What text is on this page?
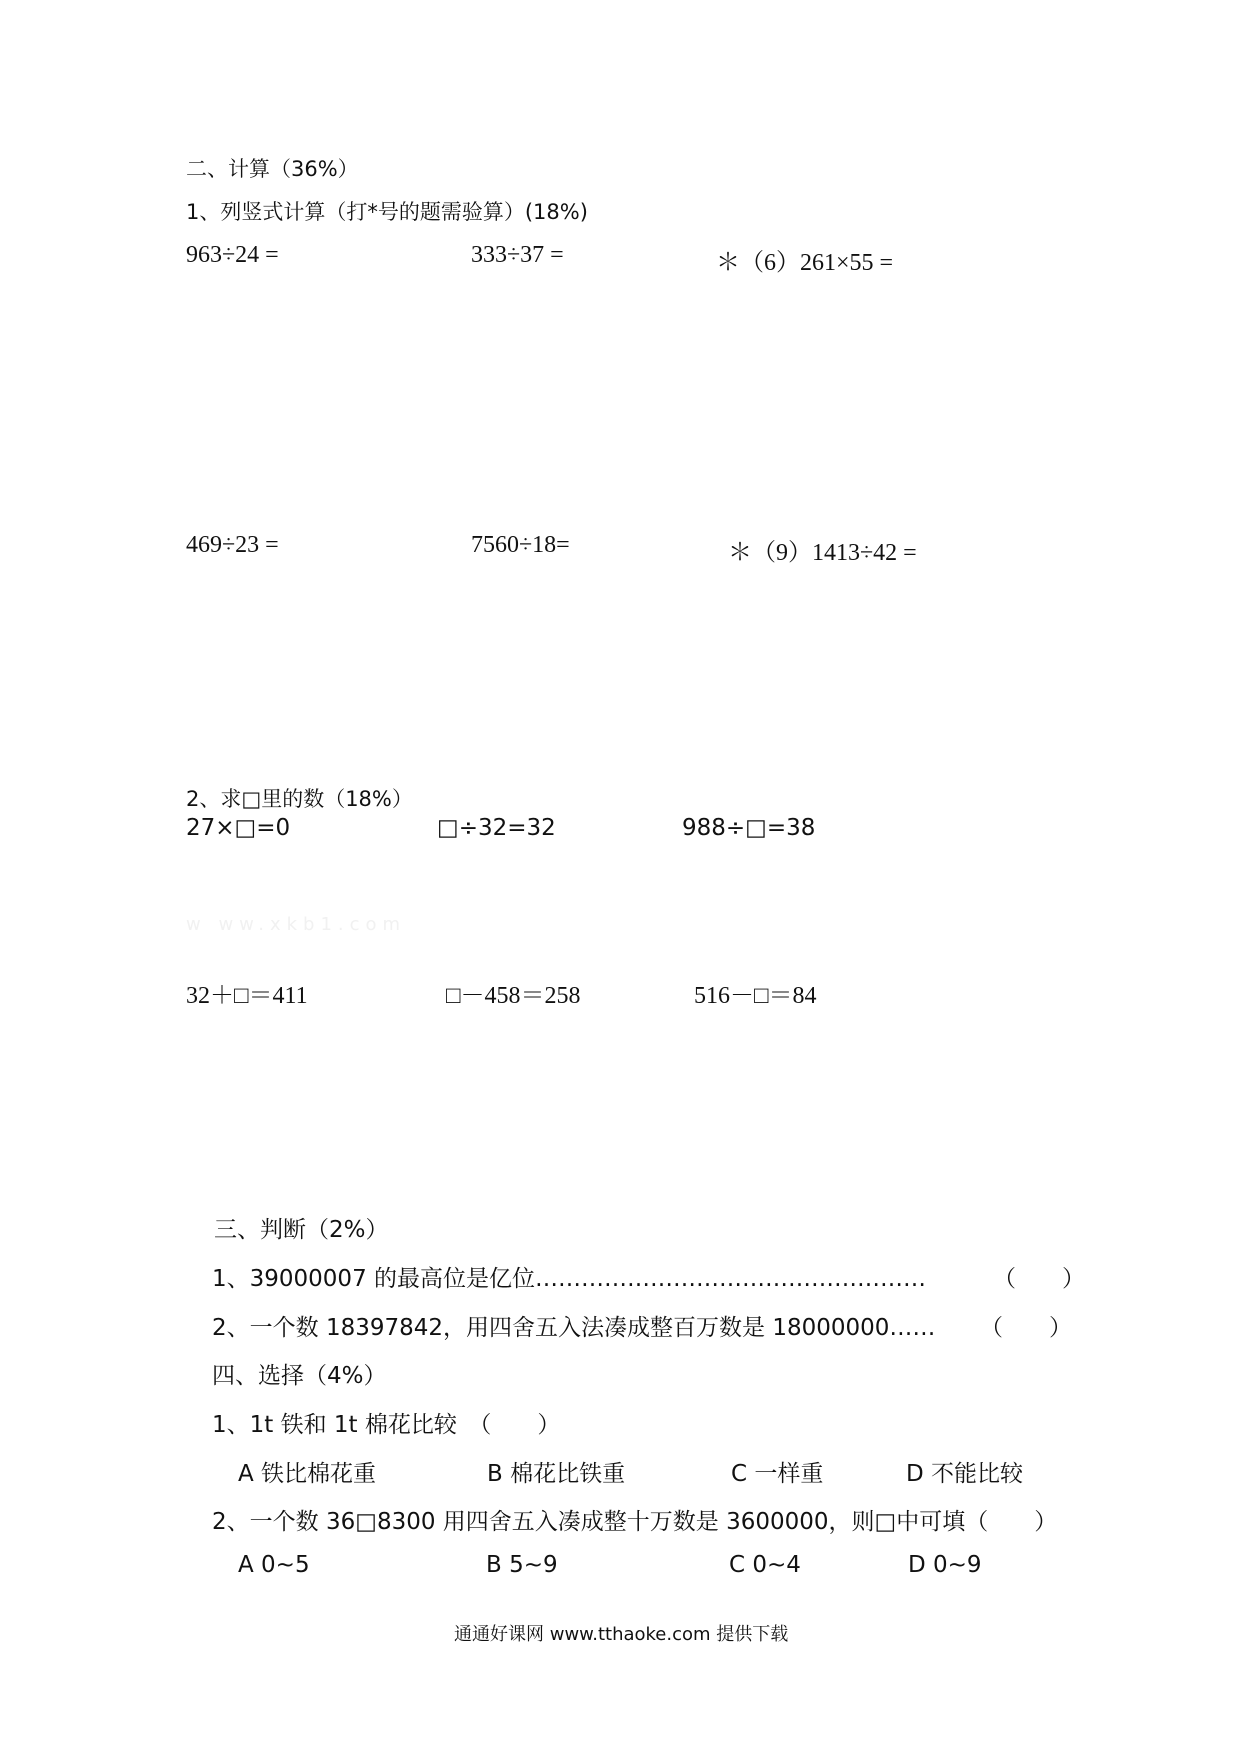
二、计算（36%）
1、列竖式计算（打*号的题需验算）(18%)
963÷24 =	333÷37 =	＊（6）261×55 =
469÷23 =	7560÷18=	＊（9）1413÷42 =
2、求□里的数（18%）
27×□=0	□÷32=32	988÷□=38
w ww.xkb1.com
32＋□＝411	□－458＝258	516－□＝84
三、判断（2%）
1、39000007 的最高位是亿位……………………………………………	（　　）
2、一个数 18397842，用四舍五入法凑成整百万数是 18000000…… （　　）
四、选择（4%）
1、1t 铁和 1t 棉花比较　（　　）
A 铁比棉花重	B 棉花比铁重	C 一样重	D 不能比较
2、一个数 36□8300 用四舍五入凑成整十万数是 3600000，则□中可填（　　）
A 0~5	B 5~9	C 0~4	D 0~9
通通好课网 www.tthaoke.com 提供下载
